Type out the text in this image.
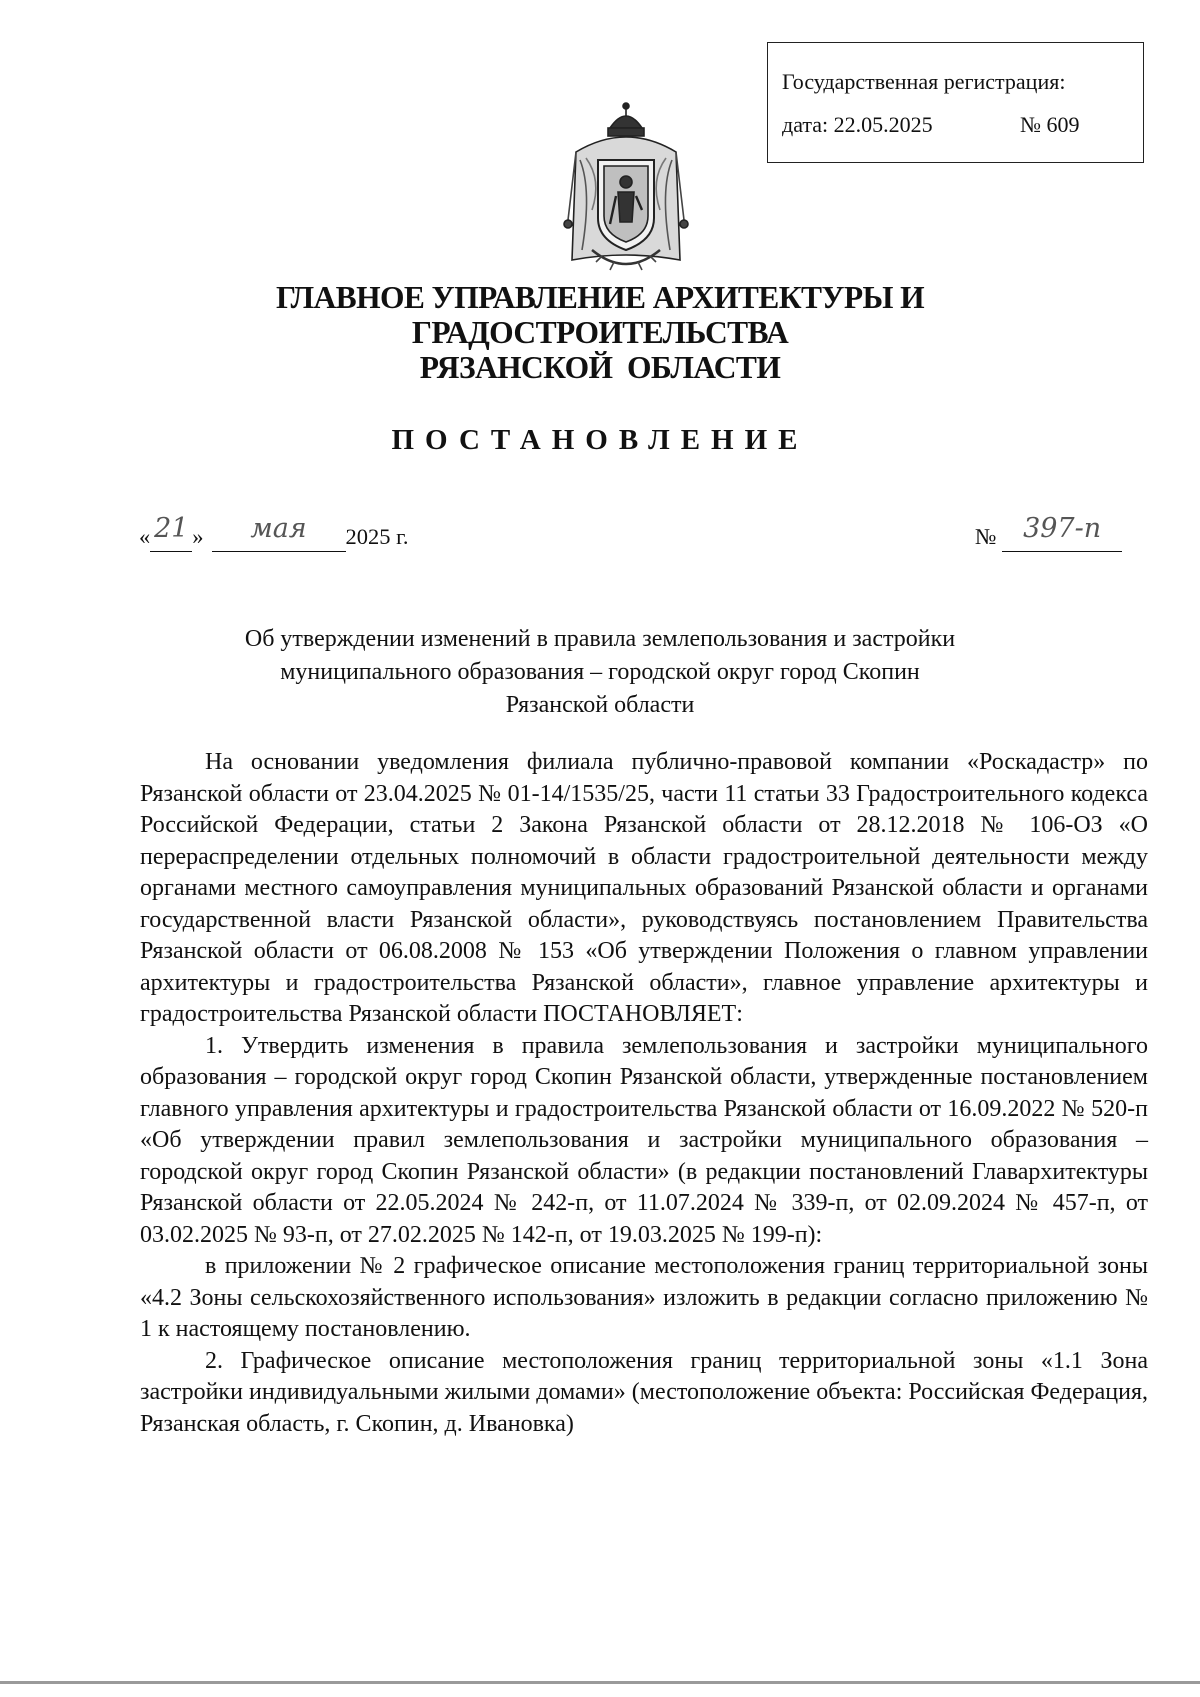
Государственная регистрация:
дата: 22.05.2025	№ 609
ГЛАВНОЕ УПРАВЛЕНИЕ АРХИТЕКТУРЫ И ГРАДОСТРОИТЕЛЬСТВА
РЯЗАНСКОЙ  ОБЛАСТИ
ПОСТАНОВЛЕНИЕ
« 21 » мая 2025 г.	№ 397-п
Об утверждении изменений в правила землепользования и застройки
муниципального образования – городской округ город Скопин
Рязанской области

На основании уведомления филиала публично-правовой компании «Роскадастр» по Рязанской области от 23.04.2025 № 01-14/1535/25, части 11 статьи 33 Градостроительного кодекса Российской Федерации, статьи 2 Закона Рязанской области от 28.12.2018 № 106-ОЗ «О перераспределении отдельных полномочий в области градостроительной деятельности между органами местного самоуправления муниципальных образований Рязанской области и органами государственной власти Рязанской области», руководствуясь постановлением Правительства Рязанской области от 06.08.2008 № 153 «Об утверждении Положения о главном управлении архитектуры и градостроительства Рязанской области», главное управление архитектуры и градостроительства Рязанской области ПОСТАНОВЛЯЕТ:

1. Утвердить изменения в правила землепользования и застройки муниципального образования – городской округ город Скопин Рязанской области, утвержденные постановлением главного управления архитектуры и градостроительства Рязанской области от 16.09.2022 № 520-п «Об утверждении правил землепользования и застройки муниципального образования – городской округ город Скопин Рязанской области» (в редакции постановлений Главархитектуры Рязанской области от 22.05.2024 № 242-п, от 11.07.2024 № 339-п, от 02.09.2024 № 457-п, от 03.02.2025 № 93-п, от 27.02.2025 № 142-п, от 19.03.2025 № 199-п):

в приложении № 2 графическое описание местоположения границ территориальной зоны «4.2 Зоны сельскохозяйственного использования» изложить в редакции согласно приложению № 1 к настоящему постановлению.

2. Графическое описание местоположения границ территориальной зоны «1.1 Зона застройки индивидуальными жилыми домами» (местоположение объекта: Российская Федерация, Рязанская область, г. Скопин, д. Ивановка)
